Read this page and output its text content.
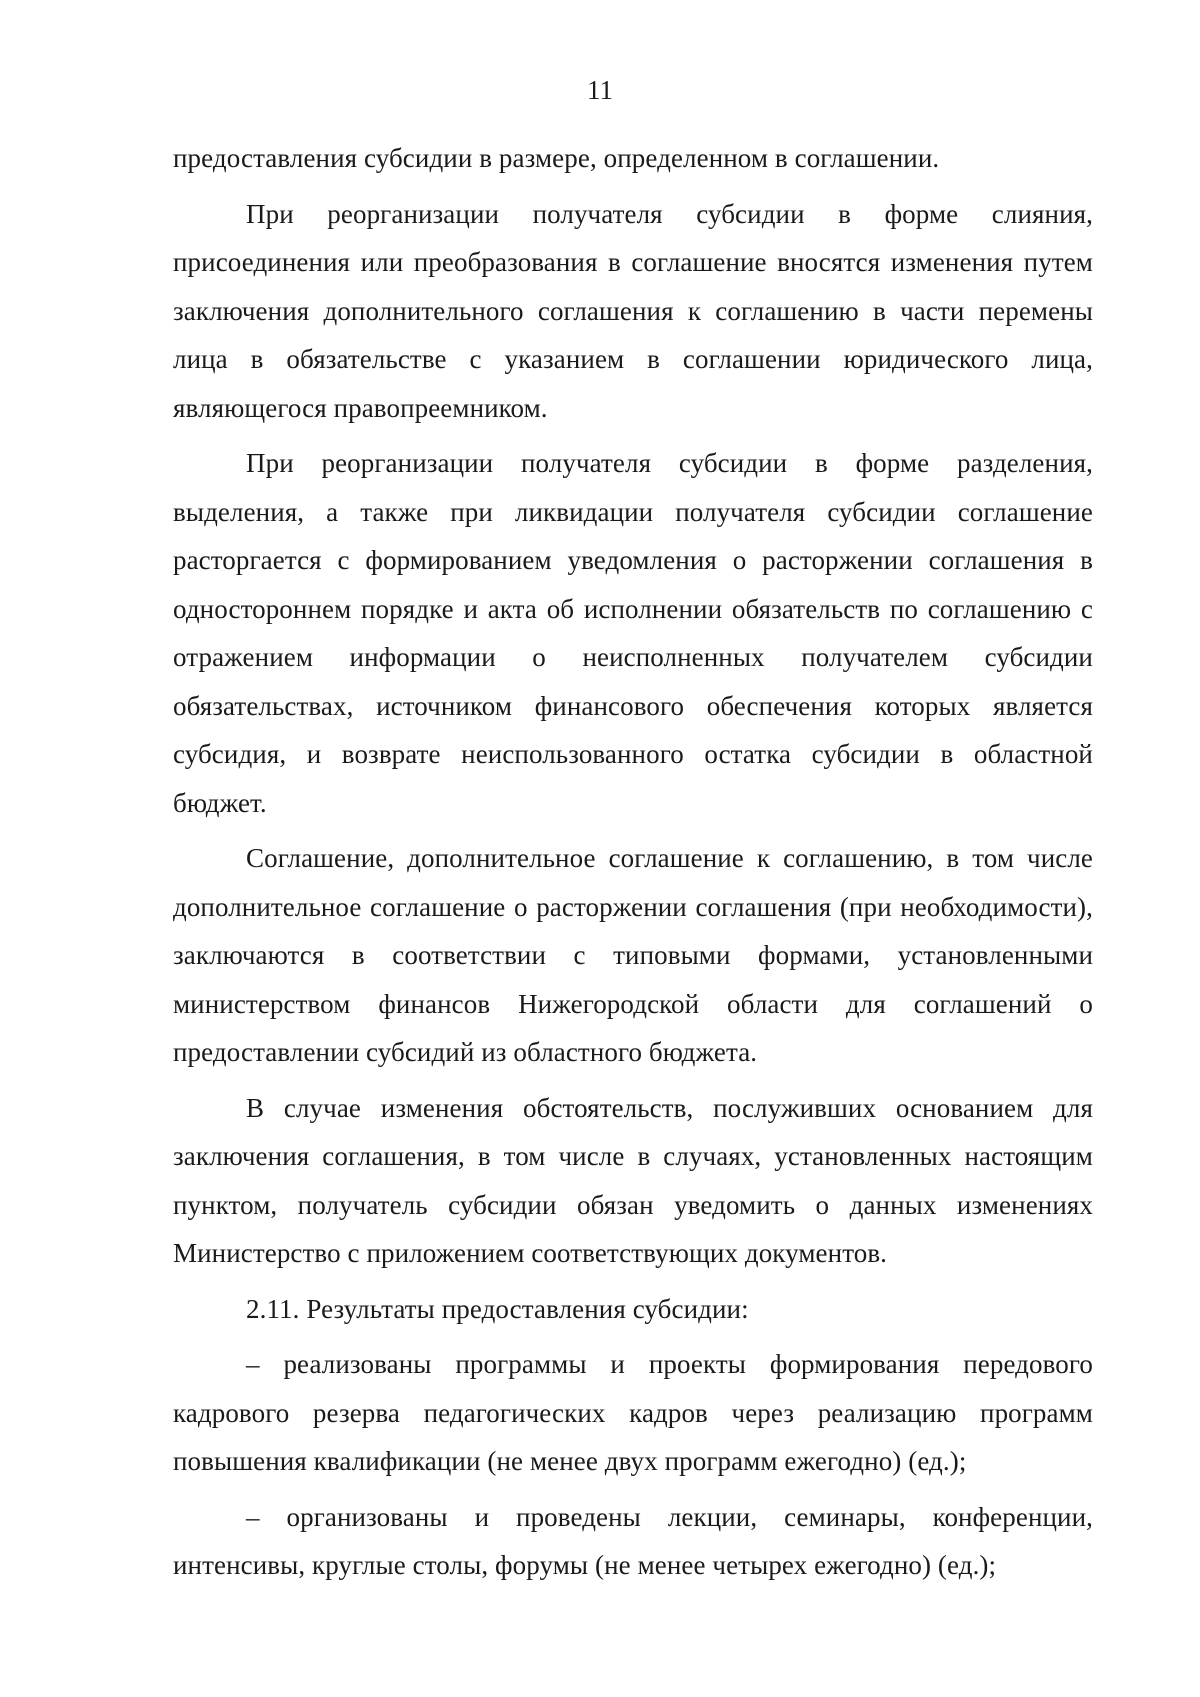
11

предоставления субсидии в размере, определенном в соглашении.

При реорганизации получателя субсидии в форме слияния, присоединения или преобразования в соглашение вносятся изменения путем заключения дополнительного соглашения к соглашению в части перемены лица в обязательстве с указанием в соглашении юридического лица, являющегося правопреемником.

При реорганизации получателя субсидии в форме разделения, выделения, а также при ликвидации получателя субсидии соглашение расторгается с формированием уведомления о расторжении соглашения в одностороннем порядке и акта об исполнении обязательств по соглашению с отражением информации о неисполненных получателем субсидии обязательствах, источником финансового обеспечения которых является субсидия, и возврате неиспользованного остатка субсидии в областной бюджет.

Соглашение, дополнительное соглашение к соглашению, в том числе дополнительное соглашение о расторжении соглашения (при необходимости), заключаются в соответствии с типовыми формами, установленными министерством финансов Нижегородской области для соглашений о предоставлении субсидий из областного бюджета.

В случае изменения обстоятельств, послуживших основанием для заключения соглашения, в том числе в случаях, установленных настоящим пунктом, получатель субсидии обязан уведомить о данных изменениях Министерство с приложением соответствующих документов.

2.11. Результаты предоставления субсидии:

– реализованы программы и проекты формирования передового кадрового резерва педагогических кадров через реализацию программ повышения квалификации (не менее двух программ ежегодно) (ед.);

– организованы и проведены лекции, семинары, конференции, интенсивы, круглые столы, форумы (не менее четырех ежегодно) (ед.);
